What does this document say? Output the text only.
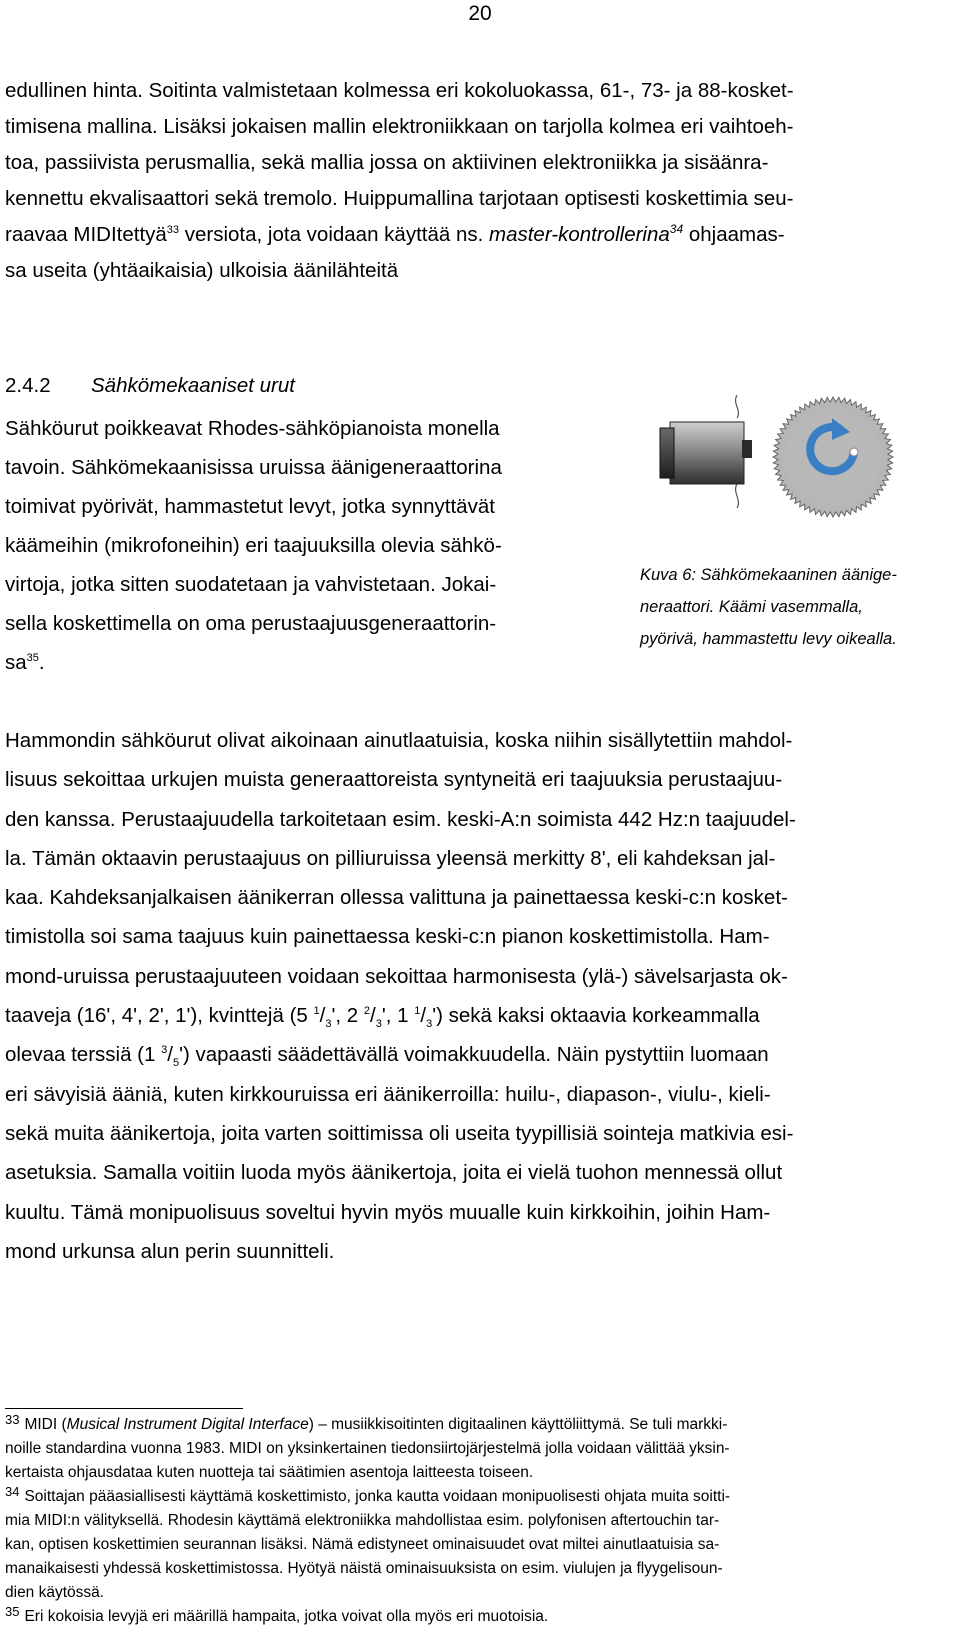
20
edullinen hinta. Soitinta valmistetaan kolmessa eri kokoluokassa, 61-, 73- ja 88-kosket-
timisena mallina. Lisäksi jokaisen mallin elektroniikkaan on tarjolla kolmea eri vaihtoeh-
toa, passiivista perusmallia, sekä mallia jossa on aktiivinen elektroniikka ja sisäänra-
kennettu ekvalisaattori sekä tremolo. Huippumallina tarjotaan optisesti koskettimia seu-
raavaa MIDItettyä$^{33}$ versiota, jota voidaan käyttää ns. master-kontrollerina$^{34}$ ohjaamas-
sa useita (yhtäaikaisia) ulkoisia äänilähteitä
2.4.2 Sähkömekaaniset urut
Sähköurut poikkeavat Rhodes-sähköpianoista monella
tavoin. Sähkömekaanisissa uruissa äänigeneraattorina
toimivat pyörivät, hammastetut levyt, jotka synnyttävät
käämeihin (mikrofoneihin) eri taajuuksilla olevia sähkö-
virtoja, jotka sitten suodatetaan ja vahvistetaan. Jokai-
sella koskettimella on oma perustaajuusgeneraattorin-
$sa^{35}$.
Kuva 6: Sähkömekaaninen äänige-
neraattori. Käämi vasemmalla,
pyörivä, hammastettu levy oikealla.
Hammondin sähköurut olivat aikoinaan ainutlaatuisia, koska niihin sisällytettiin mahdol-
lisuus sekoittaa urkujen muista generaattoreista syntyneitä eri taajuuksia perustaajuu-
den kanssa. Perustaajuudella tarkoitetaan esim. keski-A:n soimista 442 Hz:n taajuudel-
la. Tämän oktaavin perustaajuus on pilliuruissa yleensä merkitty 8', eli kahdeksan jal-
kaa. Kahdeksanjalkaisen äänikerran ollessa valittuna ja painettaessa keski-c:n kosket-
timistolla soi sama taajuus kuin painettaessa keski-c:n pianon koskettimistolla. Ham-
mond-uruissa perustaajuuteen voidaan sekoittaa harmonisesta (ylä-) sävelsarjasta ok-
taaveja (16', 4', 2', 1'), kvinttejä (5 $^1/_3'$, 2 $^2/_3'$, 1 $^1/_3'$) sekä kaksi oktaavia korkeammalla
olevaa terssiä (1 $^3/_5'$) vapaasti säädettävällä voimakkuudella. Näin pystyttiin luomaan
eri sävyisiä ääniä, kuten kirkkouruissa eri äänikerroilla: huilu-, diapason-, viulu-, kieli-
sekä muita äänikertoja, joita varten soittimissa oli useita tyypillisiä sointeja matkivia esi-
asetuksia. Samalla voitiin luoda myös äänikertoja, joita ei vielä tuohon mennessä ollut
kuultu. Tämä monipuolisuus soveltui hyvin myös muualle kuin kirkkoihin, joihin Ham-
mond urkunsa alun perin suunnitteli.
$^{33}$ MIDI (Musical Instrument Digital Interface) – musiikkisoitinten digitaalinen käyttöliittymä. Se tuli markki-
noille standardina vuonna 1983. MIDI on yksinkertainen tiedonsiirtojärjestelmä jolla voidaan välittää yksin-
kertaista ohjausdataa kuten nuotteja tai säätimien asentoja laitteesta toiseen.
$^{34}$ Soittajan pääasiallisesti käyttämä koskettimisto, jonka kautta voidaan monipuolisesti ohjata muita soitti-
mia MIDI:n välityksellä. Rhodesin käyttämä elektroniikka mahdollistaa esim. polyfonisen aftertouchin tar-
kan, optisen koskettimien seurannan lisäksi. Nämä edistyneet ominaisuudet ovat miltei ainutlaatuisia sa-
manaikaisesti yhdessä koskettimistossa. Hyötyä näistä ominaisuuksista on esim. viulujen ja flyygelisoun-
dien käytössä.
$^{35}$ Eri kokoisia levyjä eri määrillä hampaita, jotka voivat olla myös eri muotoisia.
